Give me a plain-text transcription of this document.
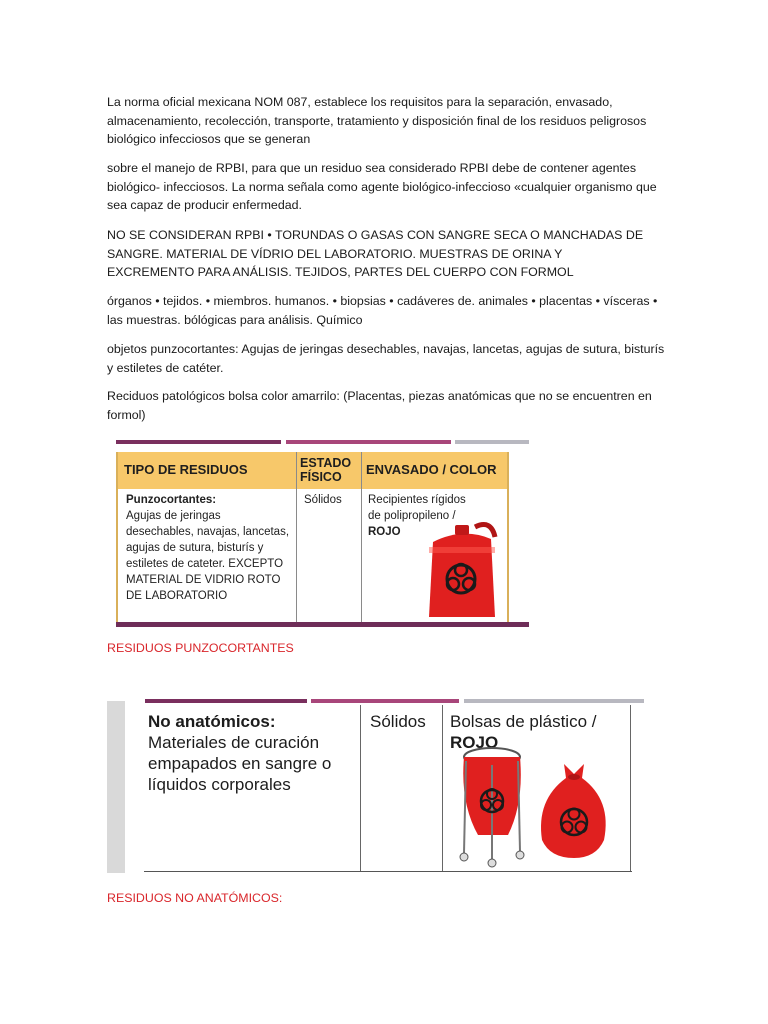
La norma oficial mexicana NOM 087, establece los requisitos para la separación, envasado, almacenamiento, recolección, transporte, tratamiento y disposición final de los residuos peligrosos biológico infecciosos que se generan

sobre el manejo de RPBI, para que un residuo sea considerado RPBI debe de contener agentes biológico- infecciosos. La norma señala como agente biológico-infeccioso «cualquier organismo que sea capaz de producir enfermedad.

NO SE CONSIDERAN RPBI • TORUNDAS O GASAS CON SANGRE SECA O MANCHADAS DE SANGRE. MATERIAL DE VÍDRIO DEL LABORATORIO. MUESTRAS DE ORINA Y EXCREMENTO PARA ANÁLISIS. TEJIDOS, PARTES DEL CUERPO CON FORMOL

órganos • tejidos. • miembros. humanos. • biopsias • cadáveres de. animales • placentas • vísceras • las muestras. bólógicas para análisis. Químico

objetos punzocortantes: Agujas de jeringas desechables, navajas, lancetas, agujas de sutura, bisturís y estiletes de catéter.

Reciduos patológicos bolsa color amarrilo: (Placentas, piezas anatómicas que no se encuentren en formol)

TIPO DE RESIDUOS	ESTADO FÍSICO	ENVASADO / COLOR
Punzocortantes:
Agujas de jeringas desechables, navajas, lancetas, agujas de sutura, bisturís y estiletes de cateter. EXCEPTO MATERIAL DE VIDRIO ROTO DE LABORATORIO
Sólidos Recipientes rígidos de polipropileno /
ROJO

RESIDUOS PUNZOCORTANTES

No anatómicos: Materiales de curación empapados en sangre o líquidos corporales
Sólidos Bolsas de plástico / ROJO

RESIDUOS NO ANATÓMICOS:
